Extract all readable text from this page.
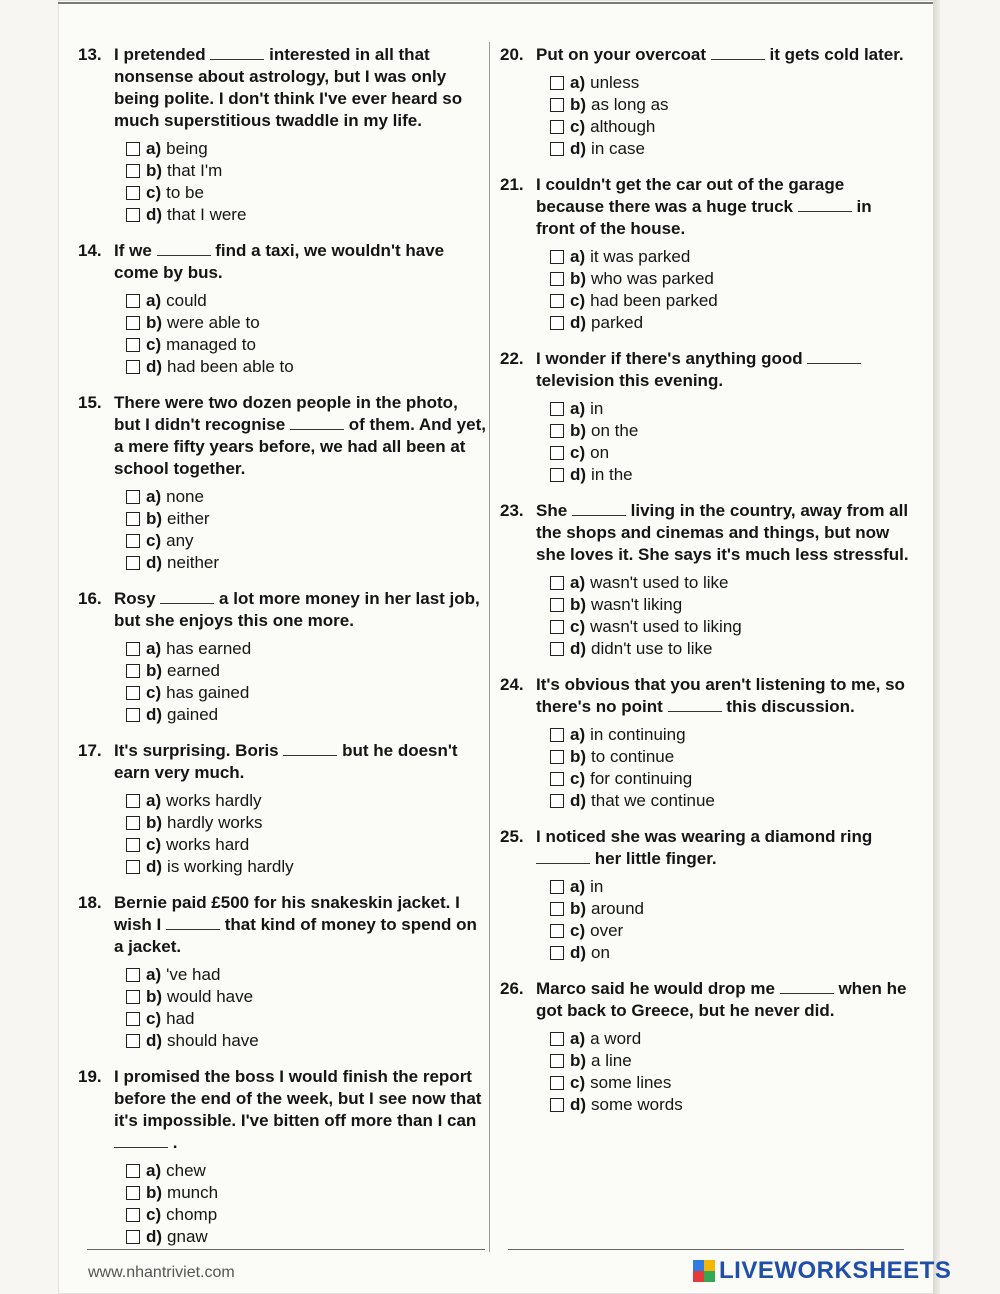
13. I pretended	interested in all that nonsense about astrology, but I was only being polite. I don't think I've ever heard so much superstitious twaddle in my life.
a) being
b) that I'm
c) to be
d) that I were
14. If we	find a taxi, we wouldn't have come by bus.
a) could
b) were able to
c) managed to
d) had been able to
15. There were two dozen people in the photo, but I didn't recognise	of them. And yet, a mere fifty years before, we had all been at school together.
a) none
b) either
c) any
d) neither
16. Rosy	a lot more money in her last job, but she enjoys this one more.
a) has earned
b) earned
c) has gained
d) gained
17. It's surprising. Boris	but he doesn't earn very much.
a) works hardly
b) hardly works
c) works hard
d) is working hardly
18. Bernie paid £500 for his snakeskin jacket. I wish I	that kind of money to spend on a jacket.
a) 've had
b) would have
c) had
d) should have
19. I promised the boss I would finish the report before the end of the week, but I see now that it's impossible. I've bitten off more than I can  .
a) chew
b) munch
c) chomp
d) gnaw
20. Put on your overcoat	it gets cold later.
a) unless
b) as long as
c) although
d) in case
21. I couldn't get the car out of the garage because there was a huge truck	in front of the house.
a) it was parked
b) who was parked
c) had been parked
d) parked
22. I wonder if there's anything good  television this evening.
a) in
b) on the
c) on
d) in the
23. She	living in the country, away from all the shops and cinemas and things, but now she loves it. She says it's much less stressful.
a) wasn't used to like
b) wasn't liking
c) wasn't used to liking
d) didn't use to like
24. It's obvious that you aren't listening to me, so there's no point	this discussion.
a) in continuing
b) to continue
c) for continuing
d) that we continue
25. I noticed she was wearing a diamond ring  her little finger.
a) in
b) around
c) over
d) on
26. Marco said he would drop me	when he got back to Greece, but he never did.
a) a word
b) a line
c) some lines
d) some words
www.nhantriviet.com	LIVEWORKSHEETS
